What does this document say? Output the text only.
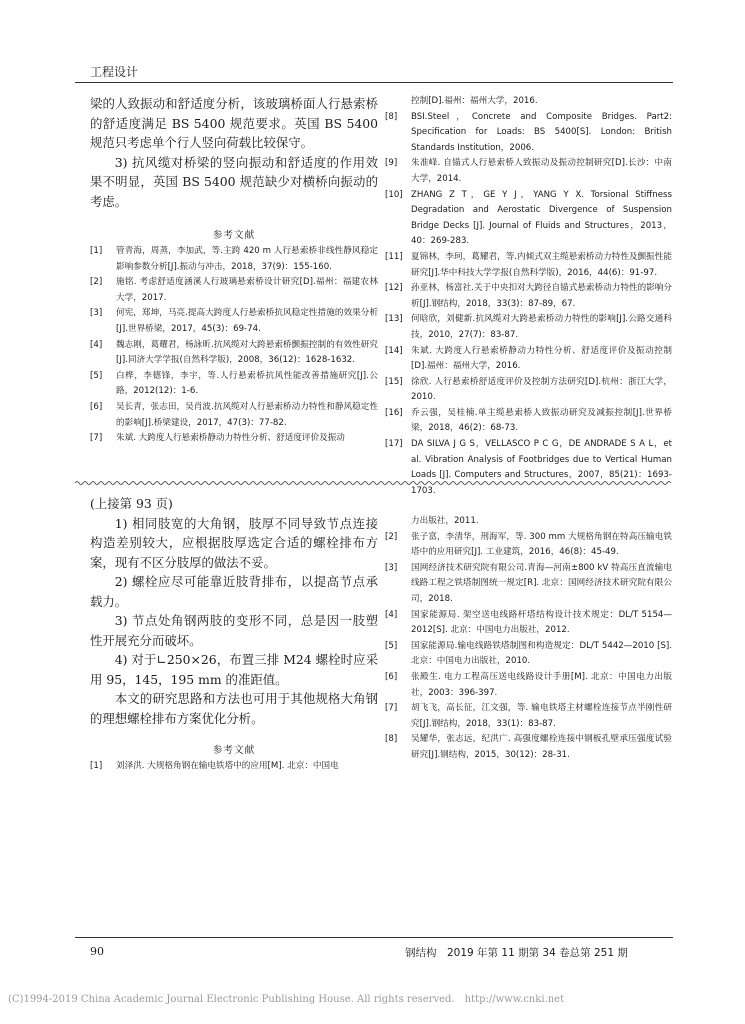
工程设计

梁的人致振动和舒适度分析，该玻璃桥面人行悬索桥的舒适度满足 BS 5400 规范要求。英国 BS 5400 规范只考虑单个行人竖向荷载比较保守。

3) 抗风缆对桥梁的竖向振动和舒适度的作用效果不明显，英国 BS 5400 规范缺少对横桥向振动的考虑。

参考文献
[1]	管青海，周蒸，李加武，等.主跨 420 m 人行悬索桥非线性静风稳定影响参数分析[J].振动与冲击，2018，37(9)：155-160.
[2]	施铭. 考虑舒适度涵溪人行玻璃悬索桥设计研究[D].福州：福建农林大学，2017.
[3]	何宪，郑坤，马亮.提高大跨度人行悬索桥抗风稳定性措施的效果分析[J].世界桥梁，2017，45(3)：69-74.
[4]	魏志刚，葛耀君，杨詠昕.抗风缆对大跨悬索桥颤振控制的有效性研究[J].同济大学学报(自然科学版)，2008，36(12)：1628-1632.
[5]	白桦，李德锋，李宇，等.人行悬索桥抗风性能改善措施研究[J].公路，2012(12)：1-6.
[6]	吴长青，张志田，吴肖波.抗风缆对人行悬索桥动力特性和静风稳定性的影响[J].桥梁建设，2017，47(3)：77-82.
[7]	朱斌. 大跨度人行悬索桥静动力特性分析、舒适度评价及振动
控制[D].福州：福州大学，2016.
[8]	BSI.Steel，Concrete and Composite Bridges. Part2: Specification for Loads: BS 5400[S]. London: British Standards Institution，2006.
[9]	朱准峰. 自锚式人行悬索桥人致振动及振动控制研究[D].长沙：中南大学，2014.
[10] ZHANG Z T，GE Y J，YANG Y X. Torsional Stiffness Degradation and Aerostatic Divergence of Suspension Bridge Decks [J]. Journal of Fluids and Structures，2013，40：269-283.
[11] 夏锦林，李珂，葛耀君，等.内倾式双主缆悬索桥动力特性及颤振性能研究[J].华中科技大学学报(自然科学版)，2016，44(6)：91-97.
[12] 孙亚林，杨富社.关于中央扣对大跨径自锚式悬索桥动力特性的影响分析[J].钢结构，2018，33(3)：87-89，67.
[13] 何晗欣，刘健新.抗风缆对大跨悬索桥动力特性的影响[J].公路交通科技，2010，27(7)：83-87.
[14] 朱斌. 大跨度人行悬索桥静动力特性分析、舒适度评价及振动控制[D].福州：福州大学，2016.
[15] 徐欣. 人行悬索桥舒适度评价及控制方法研究[D].杭州：浙江大学，2010.
[16] 乔云强，吴桂楠.单主缆悬索桥人致振动研究及减振控制[J].世界桥梁，2018，46(2)：68-73.
[17] DA SILVA J G S，VELLASCO P C G，DE ANDRADE S A L，et al. Vibration Analysis of Footbridges due to Vertical Human Loads [J]. Computers and Structures，2007，85(21)：1693-1703.

(上接第 93 页)

1) 相同肢宽的大角钢，肢厚不同导致节点连接构造差别较大，应根据肢厚选定合适的螺栓排布方案，现有不区分肢厚的做法不妥。

2) 螺栓应尽可能靠近肢背排布，以提高节点承载力。

3) 节点处角钢两肢的变形不同，总是因一肢塑性开展充分而破坏。

4) 对于∟250×26，布置三排 M24 螺栓时应采用 95，145，195 mm 的准距值。

本文的研究思路和方法也可用于其他规格大角钢的理想螺栓排布方案优化分析。

参考文献
[1]	刘泽洪. 大规格角钢在输电铁塔中的应用[M]. 北京：中国电
力出版社，2011.
[2]	张子富，李清华，刑海军，等. 300 mm 大规格角钢在特高压输电铁塔中的应用研究[J]. 工业建筑，2016，46(8)：45-49.
[3]	国网经济技术研究院有限公司.青海—河南±800 kV 特高压直流输电线路工程之铁塔制图统一规定[R]. 北京：国网经济技术研究院有限公司，2018.
[4]	国家能源局. 架空送电线路杆塔结构设计技术规定：DL/T 5154—2012[S]. 北京：中国电力出版社，2012.
[5]	国家能源局.输电线路铁塔制图和构造规定：DL/T 5442—2010 [S]. 北京：中国电力出版社，2010.
[6]	张殿生. 电力工程高压送电线路设计手册[M]. 北京：中国电力出版社，2003：396-397.
[7]	胡飞飞，高长征，江文强，等. 输电铁塔主材螺栓连接节点半刚性研究[J].钢结构，2018，33(1)：83-87.
[8]	吴耀华，张志远，纪洪广. 高强度螺栓连接中钢板孔壁承压强度试验研究[J].钢结构，2015，30(12)：28-31.
90	钢结构　2019 年第 11 期第 34 卷总第 251 期
(C)1994-2019 China Academic Journal Electronic Publishing House. All rights reserved.　http://www.cnki.net
